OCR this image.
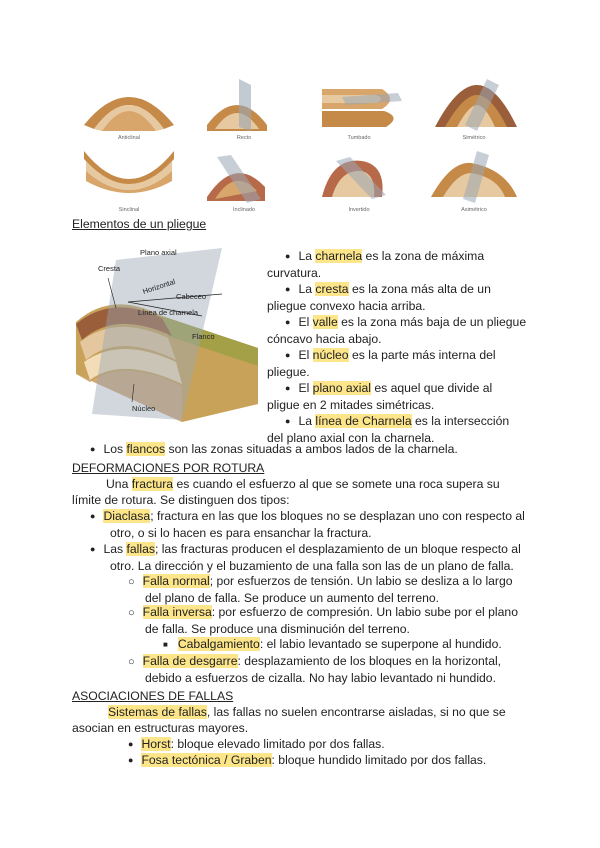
Anticlinal	Recto	Tumbado	Simétrico
Sinclinal	Inclinado	Invertido	Asimétrico
Elementos de un pliegue
Plano axial
Cresta
Horizontal
Cabeceo
Línea de charnela
Flanco
Núcleo
● La charnela es la zona de máxima
curvatura.
● La cresta es la zona más alta de un
pliegue convexo hacia arriba.
● El valle es la zona más baja de un pliegue
cóncavo hacia abajo.
● El núcleo es la parte más interna del
pliegue.
● El plano axial es aquel que divide al
pligue en 2 mitades simétricas.
● La línea de Charnela es la intersección
del plano axial con la charnela.
● Los flancos son las zonas situadas a ambos lados de la charnela.
DEFORMACIONES POR ROTURA
Una fractura es cuando el esfuerzo al que se somete una roca supera su
límite de rotura. Se distinguen dos tipos:
● Diaclasa; fractura en las que los bloques no se desplazan uno con respecto al
otro, o si lo hacen es para ensanchar la fractura.
● Las fallas; las fracturas producen el desplazamiento de un bloque respecto al
otro. La dirección y el buzamiento de una falla son las de un plano de falla.
○ Falla normal; por esfuerzos de tensión. Un labio se desliza a lo largo
del plano de falla. Se produce un aumento del terreno.
○ Falla inversa: por esfuerzo de compresión. Un labio sube por el plano
de falla. Se produce una disminución del terreno.
■ Cabalgamiento: el labio levantado se superpone al hundido.
○ Falla de desgarre: desplazamiento de los bloques en la horizontal,
debido a esfuerzos de cizalla. No hay labio levantado ni hundido.
ASOCIACIONES DE FALLAS
Sistemas de fallas, las fallas no suelen encontrarse aisladas, si no que se
asocian en estructuras mayores.
● Horst: bloque elevado limitado por dos fallas.
● Fosa tectónica / Graben: bloque hundido limitado por dos fallas.
